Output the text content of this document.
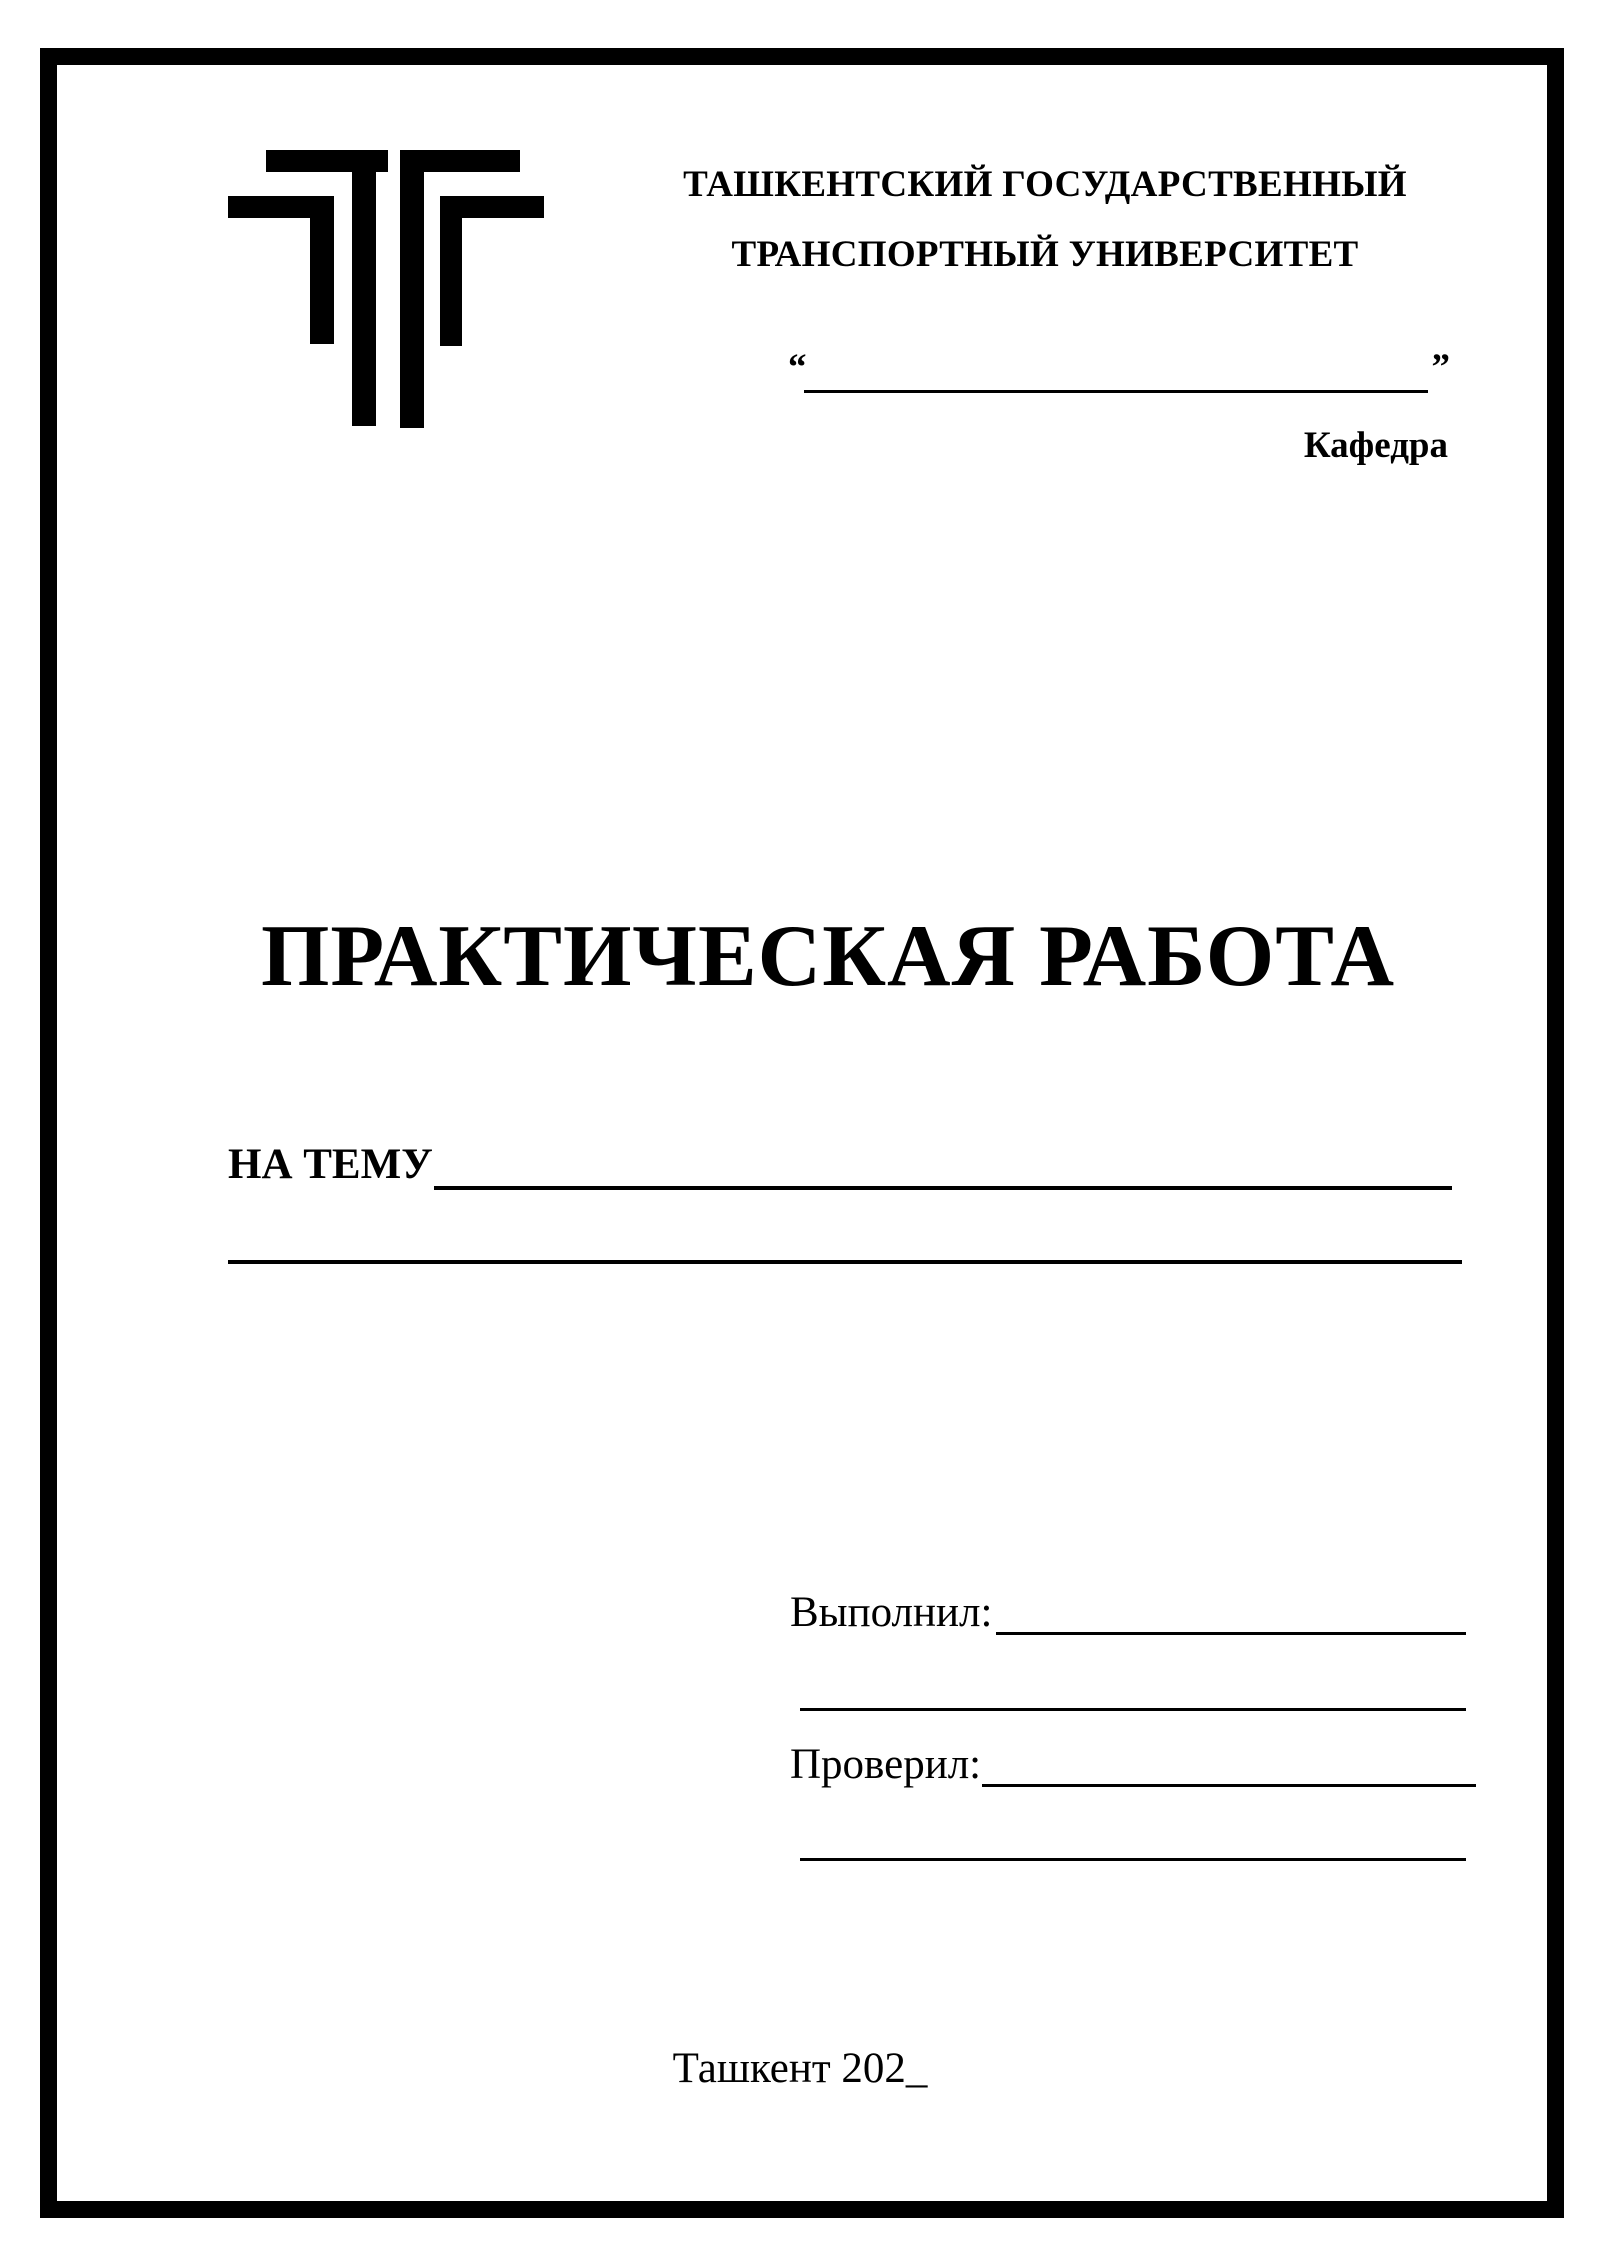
ТАШКЕНТСКИЙ ГОСУДАРСТВЕННЫЙ
ТРАНСПОРТНЫЙ УНИВЕРСИТЕТ
“	”
Кафедра
ПРАКТИЧЕСКАЯ РАБОТА
НА ТЕМУ
Выполнил:
Проверил:
Ташкент 202_
